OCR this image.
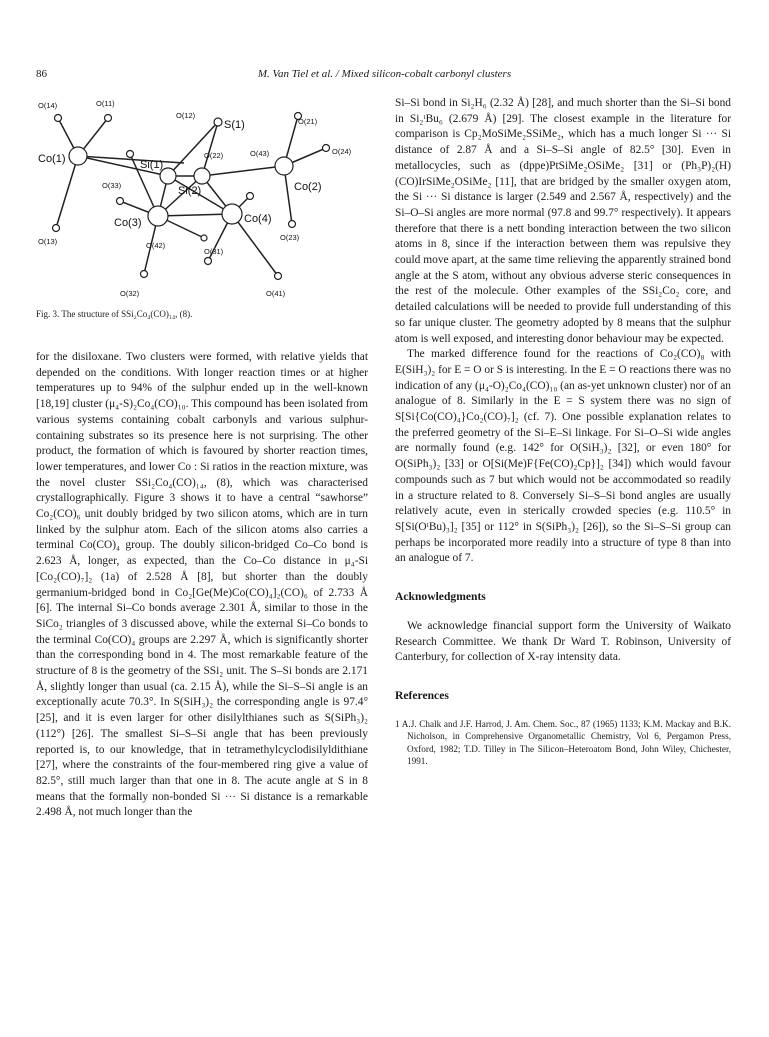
86	M. Van Tiel et al. / Mixed silicon-cobalt carbonyl clusters
O(14)	O(11)
O(12)
S(1)	O(21)
Co(1)	Si(1)
O(22)	O(43)	O(24)
O(33)	Si(2)	Co(2)
Co(3)	Co(4)
O(13)	O(42)
O(31)
O(23)
O(32)	O(41)
Fig. 3. The structure of SSi₂Co₄(CO)₁₄, (8).

for the disiloxane. Two clusters were formed, with relative yields that depended on the conditions. With longer reaction times or at higher temperatures up to 94% of the sulphur ended up in the well-known [18,19] cluster (μ₄-S)₂Co₄(CO)₁₀. This compound has been isolated from various systems containing cobalt carbonyls and various sulphur-containing substrates so its presence here is not surprising. The other product, the formation of which is favoured by shorter reaction times, lower temperatures, and lower Co : Si ratios in the reaction mixture, was the novel cluster SSi₂Co₄(CO)₁₄, (8), which was characterised crystallographically. Figure 3 shows it to have a central “sawhorse” Co₂(CO)₆ unit doubly bridged by two silicon atoms, which are in turn linked by the sulphur atom. Each of the silicon atoms also carries a terminal Co(CO)₄ group. The doubly silicon-bridged Co–Co bond is 2.623 Å, longer, as expected, than the Co–Co distance in μ₄-Si [Co₂(CO)₇]₂ (1a) of 2.528 Å [8], but shorter than the doubly germanium-bridged bond in Co₂[Ge(Me)Co(CO)₄]₂(CO)₆ of 2.733 Å [6]. The internal Si–Co bonds average 2.301 Å, similar to those in the SiCo₂ triangles of 3 discussed above, while the external Si–Co bonds to the terminal Co(CO)₄ groups are 2.297 Å, which is significantly shorter than the corresponding bond in 4. The most remarkable feature of the structure of 8 is the geometry of the SSi₂ unit. The S–Si bonds are 2.171 Å, slightly longer than usual (ca. 2.15 Å), while the Si–S–Si angle is an exceptionally acute 70.3°. In S(SiH₃)₂ the corresponding angle is 97.4° [25], and it is even larger for other disilylthianes such as S(SiPh₃)₂ (112°) [26]. The smallest Si–S–Si angle that has been previously reported is, to our knowledge, that in tetramethylcyclodisilyldithiane [27], where the constraints of the four-membered ring give a value of 82.5°, still much larger than that one in 8. The acute angle at S in 8 means that the formally non-bonded Si ··· Si distance is a remarkable 2.498 Å, not much longer than the

Si–Si bond in Si₂H₆ (2.32 Å) [28], and much shorter than the Si–Si bond in Si₂ᵗBu₆ (2.679 Å) [29]. The closest example in the literature for comparison is Cp₂MoSiMe₂SSiMe₂, which has a much longer Si ··· Si distance of 2.87 Å and a Si–S–Si angle of 82.5° [30]. Even in metallocycles, such as (dppe)PtSiMe₂OSiMe₂ [31] or (Ph₃P)₂(H)(CO)IrSiMe₂OSiMe₂ [11], that are bridged by the smaller oxygen atom, the Si ··· Si distance is larger (2.549 and 2.567 Å, respectively) and the Si–O–Si angles are more normal (97.8 and 99.7° respectively). It appears therefore that there is a nett bonding interaction between the two silicon atoms in 8, since if the interaction between them was repulsive they could move apart, at the same time relieving the apparently strained bond angle at the S atom, without any obvious adverse steric consequences in the rest of the molecule. Other examples of the SSi₂Co₂ core, and detailed calculations will be needed to provide full understanding of this so far unique cluster. The geometry adopted by 8 means that the sulphur atom is well exposed, and interesting donor behaviour may be expected.

The marked difference found for the reactions of Co₂(CO)₈ with E(SiH₃)₂ for E = O or S is interesting. In the E = O reactions there was no indication of any (μ₄-O)₂Co₄(CO)₁₀ (an as-yet unknown cluster) nor of an analogue of 8. Similarly in the E = S system there was no sign of S[Si{Co(CO)₄}Co₂(CO)₇]₂ (cf. 7). One possible explanation relates to the preferred geometry of the Si–E–Si linkage. For Si–O–Si wide angles are normally found (e.g. 142° for O(SiH₃)₂ [32], or even 180° for O(SiPh₃)₂ [33] or O[Si(Me)F{Fe(CO)₂Cp}]₂ [34]) which would favour compounds such as 7 but which would not be accommodated so readily in a structure related to 8. Conversely Si–S–Si bond angles are usually relatively acute, even in sterically crowded species (e.g. 110.5° in S[Si(OᵗBu)₃]₂ [35] or 112° in S(SiPh₃)₂ [26]), so the Si–S–Si group can perhaps be incorporated more readily into a structure of type 8 than into an analogue of 7.

Acknowledgments

We acknowledge financial support form the University of Waikato Research Committee. We thank Dr Ward T. Robinson, University of Canterbury, for collection of X-ray intensity data.

References

1 A.J. Chalk and J.F. Harrod, J. Am. Chem. Soc., 87 (1965) 1133; K.M. Mackay and B.K. Nicholson, in Comprehensive Organometallic Chemistry, Vol 6, Pergamon Press, Oxford, 1982; T.D. Tilley in The Silicon–Heteroatom Bond, John Wiley, Chichester, 1991.
